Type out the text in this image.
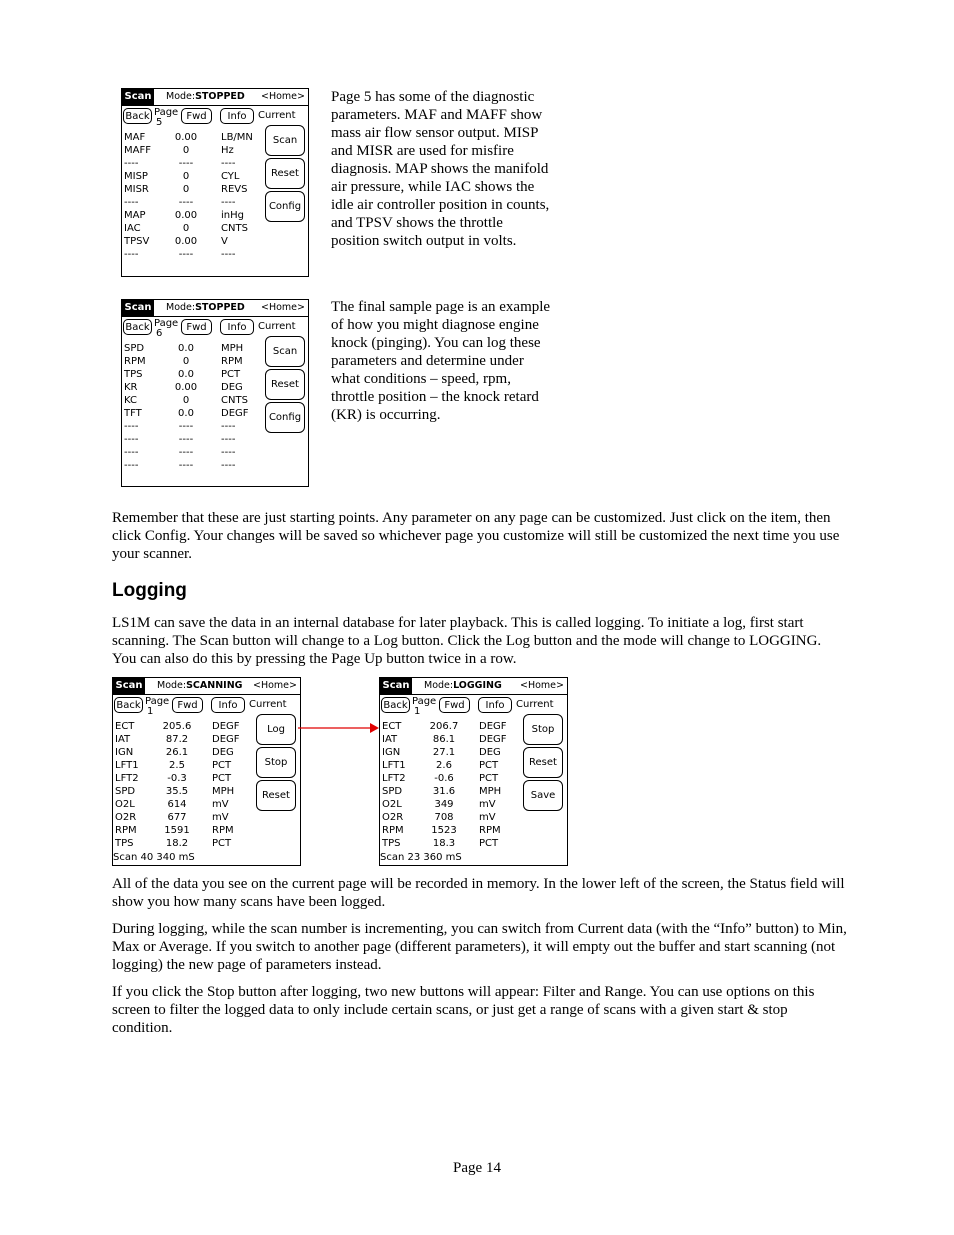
Scan Mode:STOPPED <Home>
Back Page
5
Fwd	Info	Current
Scan
Reset
Config
MAF	0.00	LB/MN
MAFF	0	Hz
----	----	----
MISP	0	CYL
MISR	0	REVS
----	----	----
MAP	0.00	inHg
IAC	0	CNTS
TPSV	0.00	V
----	----	----
Scan Mode:STOPPED <Home>
Back Page
6
Fwd	Info	Current
Scan
Reset
Config
SPD	0.0	MPH
RPM	0	RPM
TPS	0.0	PCT
KR	0.00	DEG
KC	0	CNTS
TFT	0.0	DEGF
----	----	----
----	----	----
----	----	----
----	----	----
Scan Mode:SCANNING <Home>
Back Page
1
Fwd	Info	Current
Log
Stop
Reset
ECT	205.6	DEGF
IAT	87.2	DEGF
IGN	26.1	DEG
LFT1	2.5	PCT
LFT2	-0.3	PCT
SPD	35.5	MPH
O2L	614	mV
O2R	677	mV
RPM	1591	RPM
TPS	18.2	PCT
Scan 40 340 mS
Scan Mode:LOGGING <Home>
Back Page
1
Fwd	Info	Current
Stop
Reset
Save
ECT	206.7	DEGF
IAT	86.1	DEGF
IGN	27.1	DEG
LFT1	2.6	PCT
LFT2	-0.6	PCT
SPD	31.6	MPH
O2L	349	mV
O2R	708	mV
RPM	1523	RPM
TPS	18.3	PCT
Scan 23 360 mS

Page 5 has some of the diagnostic parameters. MAF and MAFF show mass air flow sensor output. MISP and MISR are used for misfire diagnosis. MAP shows the manifold air pressure, while IAC shows the idle air controller position in counts, and TPSV shows the throttle position switch output in volts.

The final sample page is an example of how you might diagnose engine knock (pinging). You can log these parameters and determine under what conditions – speed, rpm, throttle position – the knock retard (KR) is occurring.

Remember that these are just starting points. Any parameter on any page can be customized. Just click on the item, then click Config. Your changes will be saved so whichever page you customize will still be customized the next time you use your scanner.

Logging

LS1M can save the data in an internal database for later playback. This is called logging. To initiate a log, first start scanning. The Scan button will change to a Log button. Click the Log button and the mode will change to LOGGING. You can also do this by pressing the Page Up button twice in a row.

All of the data you see on the current page will be recorded in memory. In the lower left of the screen, the Status field will show you how many scans have been logged.

During logging, while the scan number is incrementing, you can switch from Current data (with the “Info” button) to Min, Max or Average. If you switch to another page (different parameters), it will empty out the buffer and start scanning (not logging) the new page of parameters instead.

If you click the Stop button after logging, two new buttons will appear: Filter and Range. You can use options on this screen to filter the logged data to only include certain scans, or just get a range of scans with a given start & stop condition.

Page 14
